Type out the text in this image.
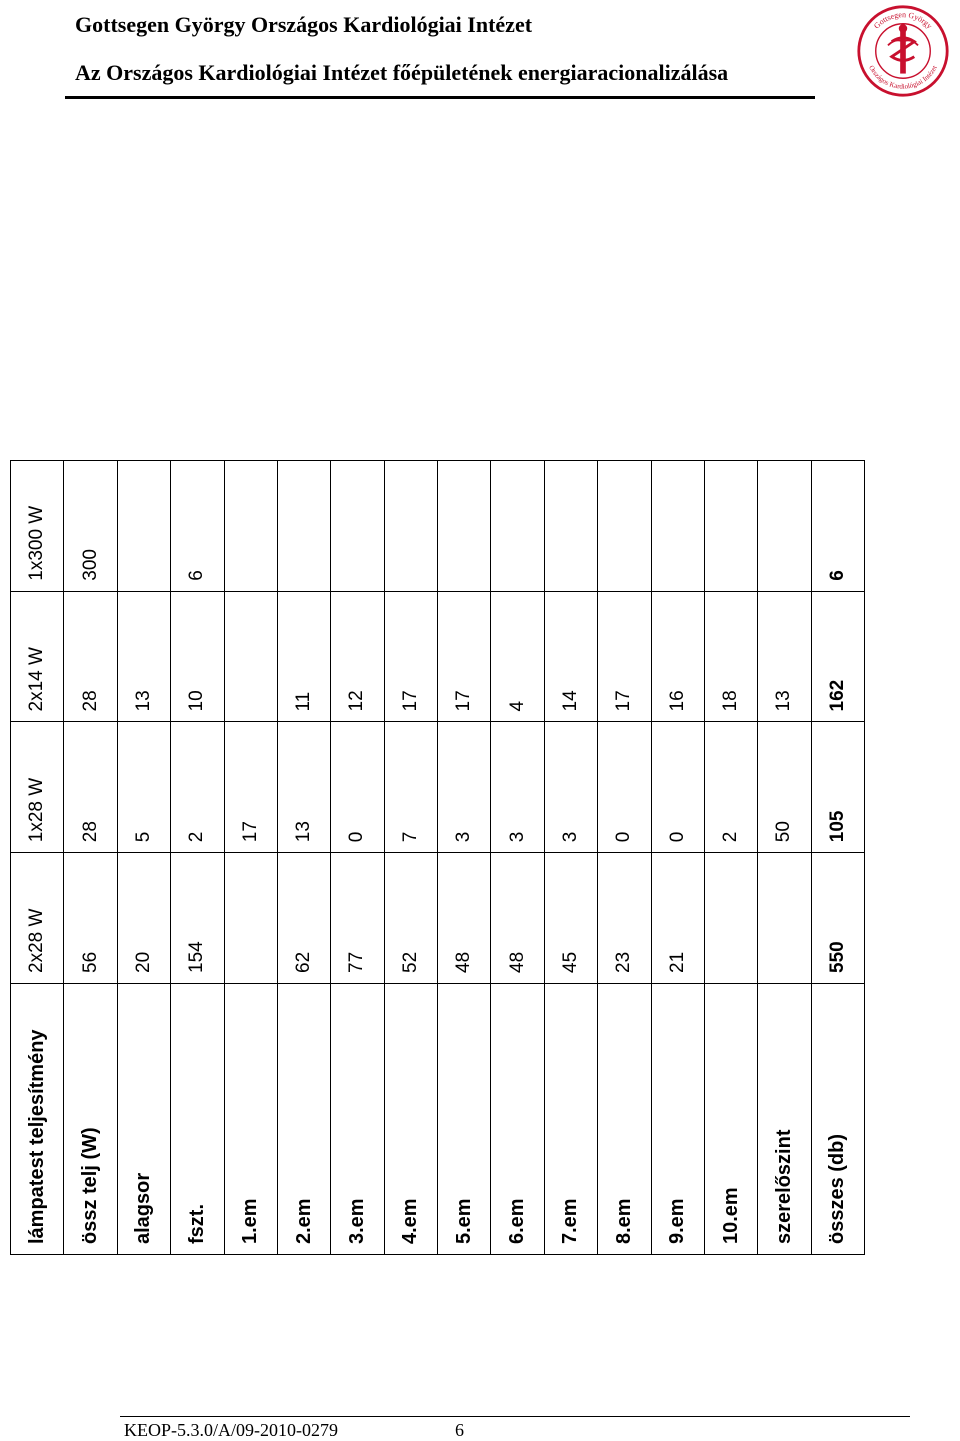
Gottsegen György Országos Kardiológiai Intézet
Az Országos Kardiológiai Intézet főépületének energiaracionalizálása
Gottsegen György
Országos Kardiológiai Intézet
lámpatest teljesítmény	2x28 W	1x28 W	2x14 W	1x300 W
össz telj (W)	56	28	28	300
alagsor	20	5	13	
fszt.	154	2	10	6
1.em		17		
2.em	62	13	11	
3.em	77	0	12	
4.em	52	7	17	
5.em	48	3	17	
6.em	48	3	4	
7.em	45	3	14	
8.em	23	0	17	
9.em	21	0	16	
10.em		2	18	
szerelőszint		50	13	
összes (db)	550	105	162	6
KEOP-5.3.0/A/09-2010-0279	6
